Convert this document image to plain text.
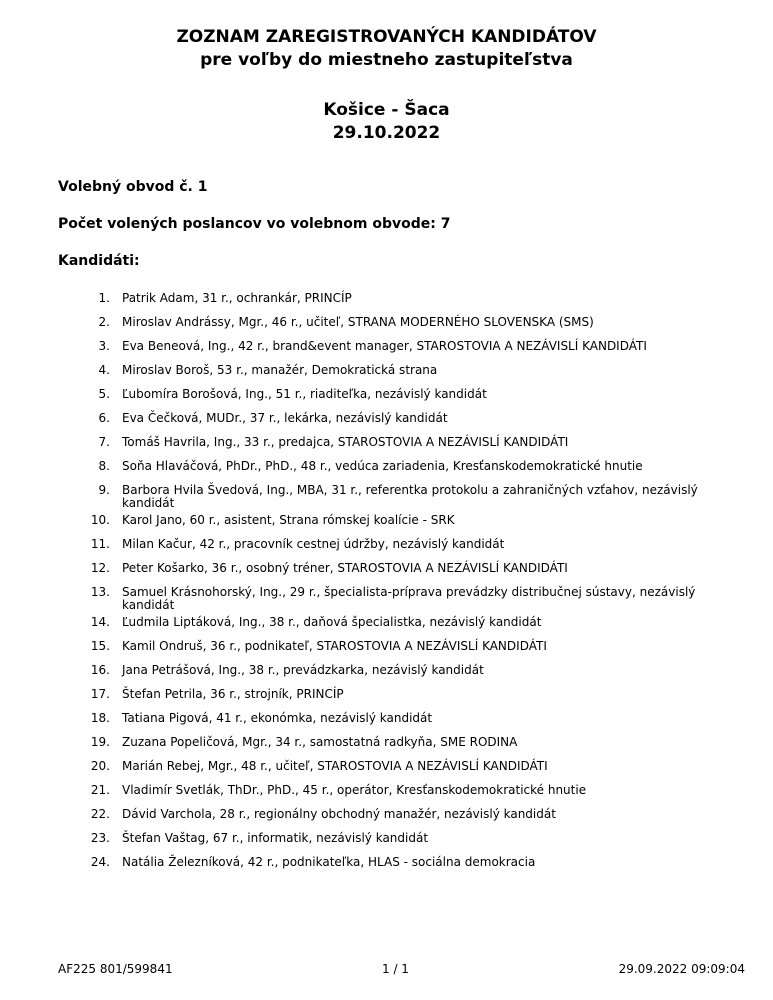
ZOZNAM ZAREGISTROVANÝCH KANDIDÁTOV
pre voľby do miestneho zastupiteľstva
Košice - Šaca
29.10.2022
Volebný obvod č. 1
Počet volených poslancov vo volebnom obvode: 7
Kandidáti:
1. Patrik Adam, 31 r., ochrankár, PRINCÍP
2. Miroslav Andrássy, Mgr., 46 r., učiteľ, STRANA MODERNÉHO SLOVENSKA (SMS)
3. Eva Beneová, Ing., 42 r., brand&event manager, STAROSTOVIA A NEZÁVISLÍ KANDIDÁTI
4. Miroslav Boroš, 53 r., manažér, Demokratická strana
5. Ľubomíra Borošová, Ing., 51 r., riaditeľka, nezávislý kandidát
6. Eva Čečková, MUDr., 37 r., lekárka, nezávislý kandidát
7. Tomáš Havrila, Ing., 33 r., predajca, STAROSTOVIA A NEZÁVISLÍ KANDIDÁTI
8. Soňa Hlaváčová, PhDr., PhD., 48 r., vedúca zariadenia, Kresťanskodemokratické hnutie
9. Barbora Hvila Švedová, Ing., MBA, 31 r., referentka protokolu a zahraničných vzťahov, nezávislý kandidát
10. Karol Jano, 60 r., asistent, Strana rómskej koalície - SRK
11. Milan Kačur, 42 r., pracovník cestnej údržby, nezávislý kandidát
12. Peter Košarko, 36 r., osobný tréner, STAROSTOVIA A NEZÁVISLÍ KANDIDÁTI
13. Samuel Krásnohorský, Ing., 29 r., špecialista-príprava prevádzky distribučnej sústavy, nezávislý kandidát
14. Ľudmila Liptáková, Ing., 38 r., daňová špecialistka, nezávislý kandidát
15. Kamil Ondruš, 36 r., podnikateľ, STAROSTOVIA A NEZÁVISLÍ KANDIDÁTI
16. Jana Petrášová, Ing., 38 r., prevádzkarka, nezávislý kandidát
17. Štefan Petrila, 36 r., strojník, PRINCÍP
18. Tatiana Pigová, 41 r., ekonómka, nezávislý kandidát
19. Zuzana Popeličová, Mgr., 34 r., samostatná radkyňa, SME RODINA
20. Marián Rebej, Mgr., 48 r., učiteľ, STAROSTOVIA A NEZÁVISLÍ KANDIDÁTI
21. Vladimír Svetlák, ThDr., PhD., 45 r., operátor, Kresťanskodemokratické hnutie
22. Dávid Varchola, 28 r., regionálny obchodný manažér, nezávislý kandidát
23. Štefan Vaštag, 67 r., informatik, nezávislý kandidát
24. Natália Železníková, 42 r., podnikateľka, HLAS - sociálna demokracia
AF225 801/599841	1 / 1	29.09.2022 09:09:04
